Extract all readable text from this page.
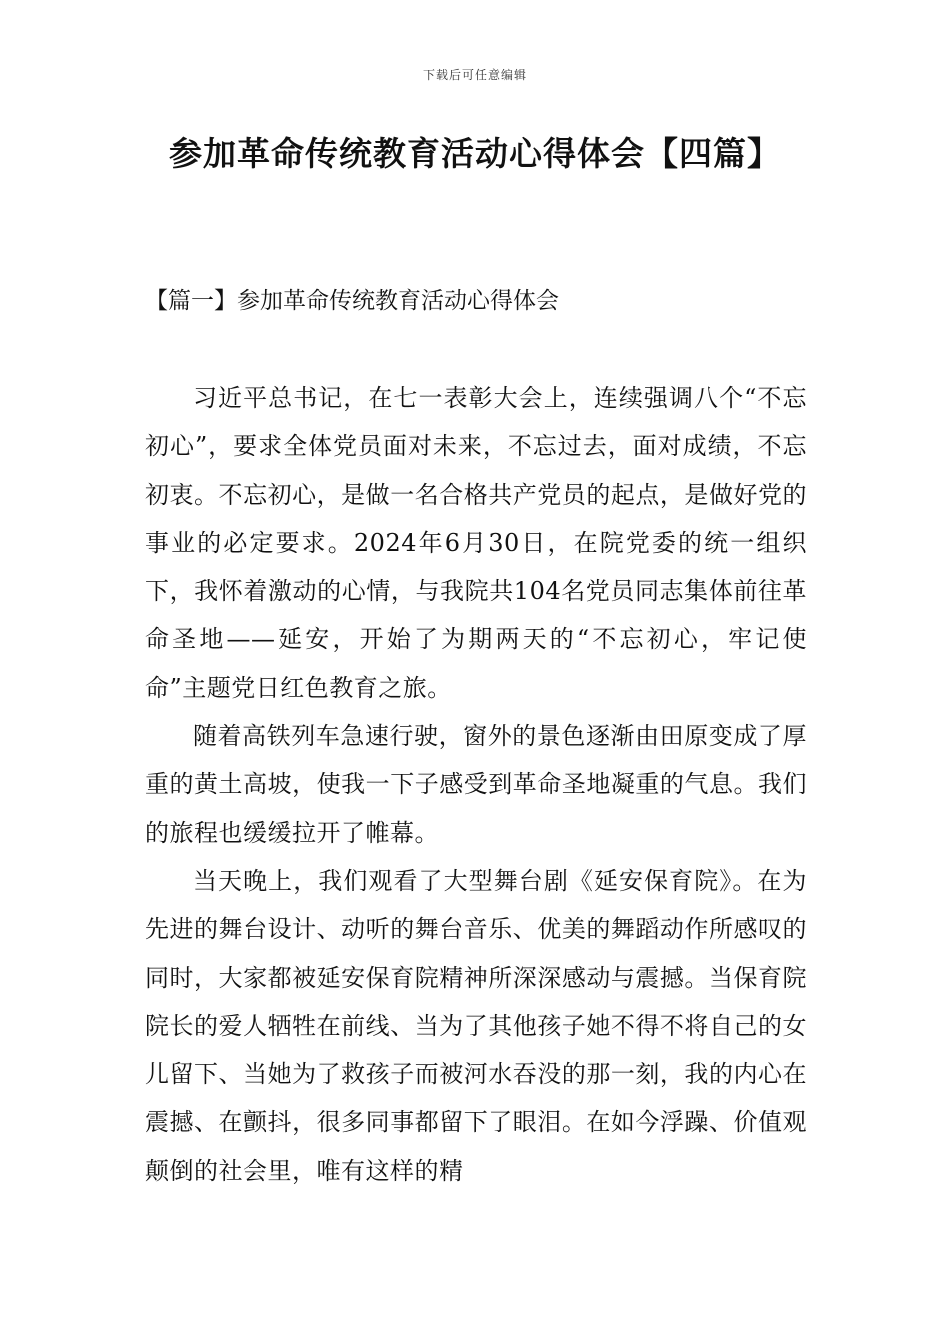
下载后可任意编辑
参加革命传统教育活动心得体会【四篇】
【篇一】参加革命传统教育活动心得体会

习近平总书记，在七一表彰大会上，连续强调八个“不忘初心”，要求全体党员面对未来，不忘过去，面对成绩，不忘初衷。不忘初心，是做一名合格共产党员的起点，是做好党的事业的必定要求。2024年6月30日，在院党委的统一组织下，我怀着激动的心情，与我院共104名党员同志集体前往革命圣地——延安，开始了为期两天的“不忘初心，牢记使命”主题党日红色教育之旅。

随着高铁列车急速行驶，窗外的景色逐渐由田原变成了厚重的黄土高坡，使我一下子感受到革命圣地凝重的气息。我们的旅程也缓缓拉开了帷幕。

当天晚上，我们观看了大型舞台剧《延安保育院》。在为先进的舞台设计、动听的舞台音乐、优美的舞蹈动作所感叹的同时，大家都被延安保育院精神所深深感动与震撼。当保育院院长的爱人牺牲在前线、当为了其他孩子她不得不将自己的女儿留下、当她为了救孩子而被河水吞没的那一刻，我的内心在震撼、在颤抖，很多同事都留下了眼泪。在如今浮躁、价值观颠倒的社会里，唯有这样的精
